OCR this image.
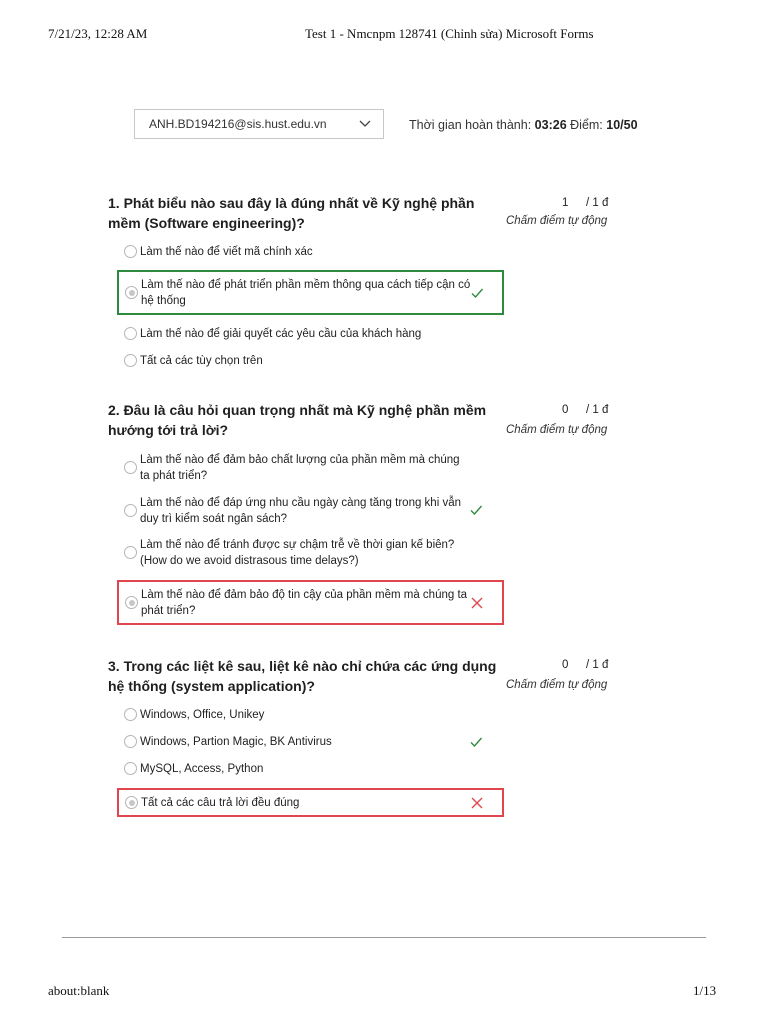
7/21/23, 12:28 AM	Test 1 - Nmcnpm 128741 (Chỉnh sửa) Microsoft Forms
ANH.BD194216@sis.hust.edu.vn	Thời gian hoàn thành: 03:26 Điểm: 10/50
1. Phát biểu nào sau đây là đúng nhất về Kỹ nghệ phần mềm (Software engineering)?
1 / 1 đ
Chấm điểm tự động
Làm thế nào để viết mã chính xác
Làm thế nào để phát triển phần mềm thông qua cách tiếp cận có hệ thống
Làm thế nào để giải quyết các yêu cầu của khách hàng
Tất cả các tùy chọn trên
2. Đâu là câu hỏi quan trọng nhất mà Kỹ nghệ phần mềm hướng tới trả lời?
0 / 1 đ
Chấm điểm tự động
Làm thế nào để đảm bảo chất lượng của phần mềm mà chúng ta phát triển?
Làm thế nào để đáp ứng nhu cầu ngày càng tăng trong khi vẫn duy trì kiểm soát ngân sách?
Làm thế nào để tránh được sự chậm trễ về thời gian kế biên? (How do we avoid distrasous time delays?)
Làm thế nào để đảm bảo độ tin cậy của phần mềm mà chúng ta phát triển?
3. Trong các liệt kê sau, liệt kê nào chỉ chứa các ứng dụng hệ thống (system application)?
0 / 1 đ
Chấm điểm tự động
Windows, Office, Unikey
Windows, Partion Magic, BK Antivirus
MySQL, Access, Python
Tất cả các câu trả lời đều đúng
about:blank	1/13
